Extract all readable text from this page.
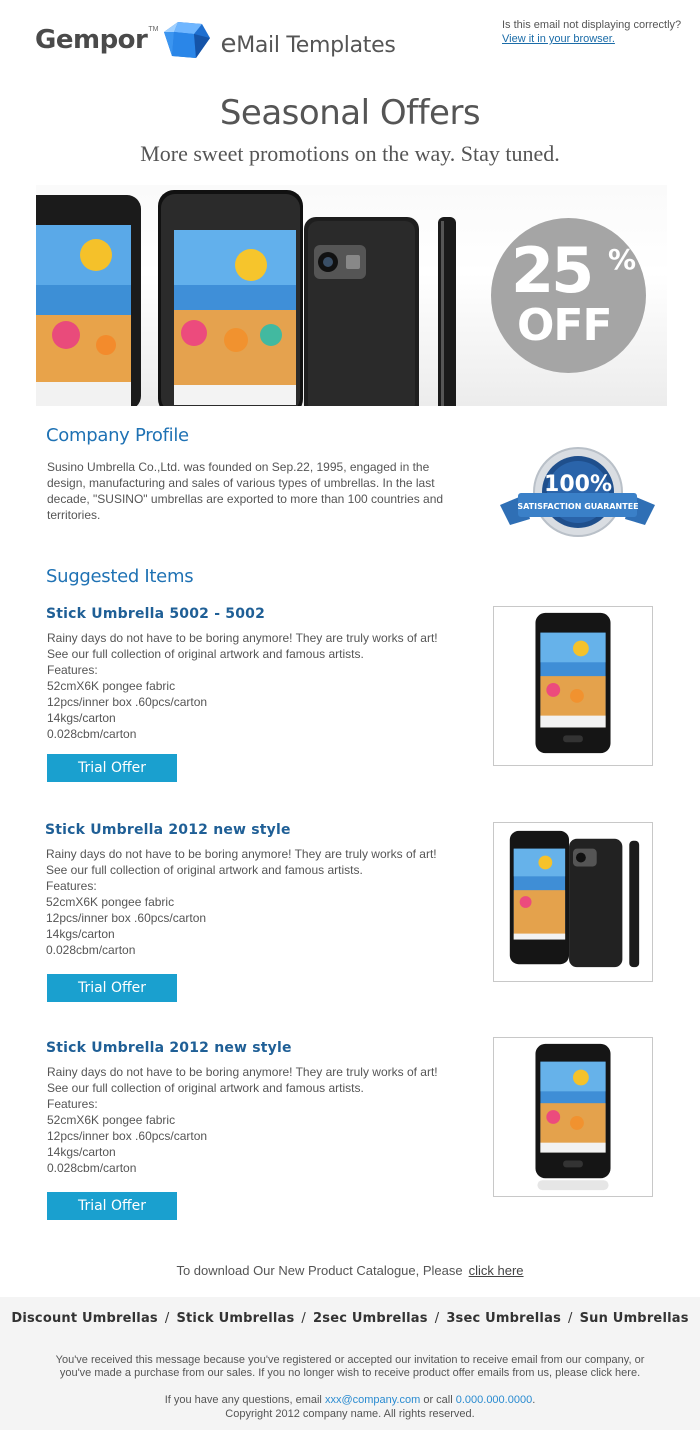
Gempor TM eMail Templates
Is this email not displaying correctly?
View it in your browser.
Seasonal Offers
More sweet promotions on the way. Stay tuned.
25 %
OFF
Company Profile
Susino Umbrella Co.,Ltd. was founded on Sep.22, 1995, engaged in the design, manufacturing and sales of various types of umbrellas. In the last decade, "SUSINO" umbrellas are exported to more than 100 countries and territories.
100%
SATISFACTION GUARANTEE
Suggested Items
Stick Umbrella 5002 - 5002
Rainy days do not have to be boring anymore! They are truly works of art! See our full collection of original artwork and famous artists.
Features:
52cmX6K pongee fabric
12pcs/inner box .60pcs/carton
14kgs/carton
0.028cbm/carton
Trial Offer
Stick Umbrella 2012 new style
Rainy days do not have to be boring anymore! They are truly works of art! See our full collection of original artwork and famous artists.
Features:
52cmX6K pongee fabric
12pcs/inner box .60pcs/carton
14kgs/carton
0.028cbm/carton
Trial Offer
Stick Umbrella 2012 new style
Rainy days do not have to be boring anymore! They are truly works of art! See our full collection of original artwork and famous artists.
Features:
52cmX6K pongee fabric
12pcs/inner box .60pcs/carton
14kgs/carton
0.028cbm/carton
Trial Offer
To download Our New Product Catalogue, Please click here
Discount Umbrellas / Stick Umbrellas / 2sec Umbrellas / 3sec Umbrellas / Sun Umbrellas
You've received this message because you've registered or accepted our invitation to receive email from our company, or you've made a purchase from our sales. If you no longer wish to receive product offer emails from us, please click here.
If you have any questions, email xxx@company.com or call 0.000.000.0000.
Copyright 2012 company name. All rights reserved.
